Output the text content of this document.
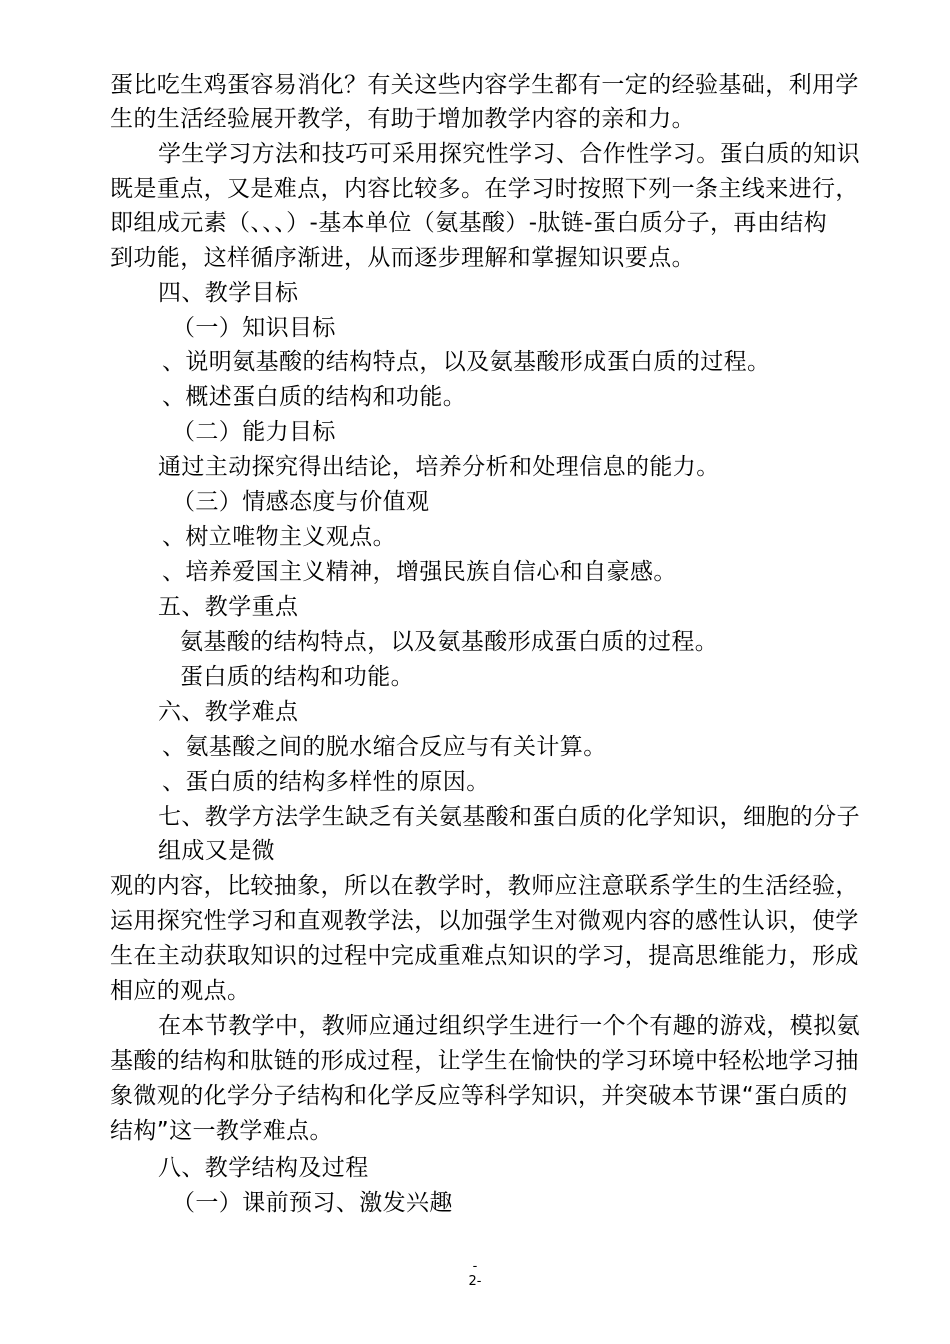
蛋比吃生鸡蛋容易消化？有关这些内容学生都有一定的经验基础，利用学
生的生活经验展开教学，有助于增加教学内容的亲和力。
学生学习方法和技巧可采用探究性学习、合作性学习。蛋白质的知识
既是重点，又是难点，内容比较多。在学习时按照下列一条主线来进行，
即组成元素（、、、）-基本单位（氨基酸）-肽链-蛋白质分子，再由结构
到功能，这样循序渐进，从而逐步理解和掌握知识要点。
四、教学目标
（一）知识目标
、说明氨基酸的结构特点，以及氨基酸形成蛋白质的过程。
、概述蛋白质的结构和功能。
（二）能力目标
通过主动探究得出结论，培养分析和处理信息的能力。
（三）情感态度与价值观
、树立唯物主义观点。
、培养爱国主义精神，增强民族自信心和自豪感。
五、教学重点
氨基酸的结构特点，以及氨基酸形成蛋白质的过程。
蛋白质的结构和功能。
六、教学难点
、氨基酸之间的脱水缩合反应与有关计算。
、蛋白质的结构多样性的原因。
七、教学方法学生缺乏有关氨基酸和蛋白质的化学知识，细胞的分子
组成又是微
观的内容，比较抽象，所以在教学时，教师应注意联系学生的生活经验，
运用探究性学习和直观教学法，以加强学生对微观内容的感性认识，使学
生在主动获取知识的过程中完成重难点知识的学习，提高思维能力，形成
相应的观点。
在本节教学中，教师应通过组织学生进行一个个有趣的游戏，模拟氨
基酸的结构和肽链的形成过程，让学生在愉快的学习环境中轻松地学习抽
象微观的化学分子结构和化学反应等科学知识，并突破本节课“蛋白质的
结构”这一教学难点。
八、教学结构及过程
（一）课前预习、激发兴趣
-
2-
